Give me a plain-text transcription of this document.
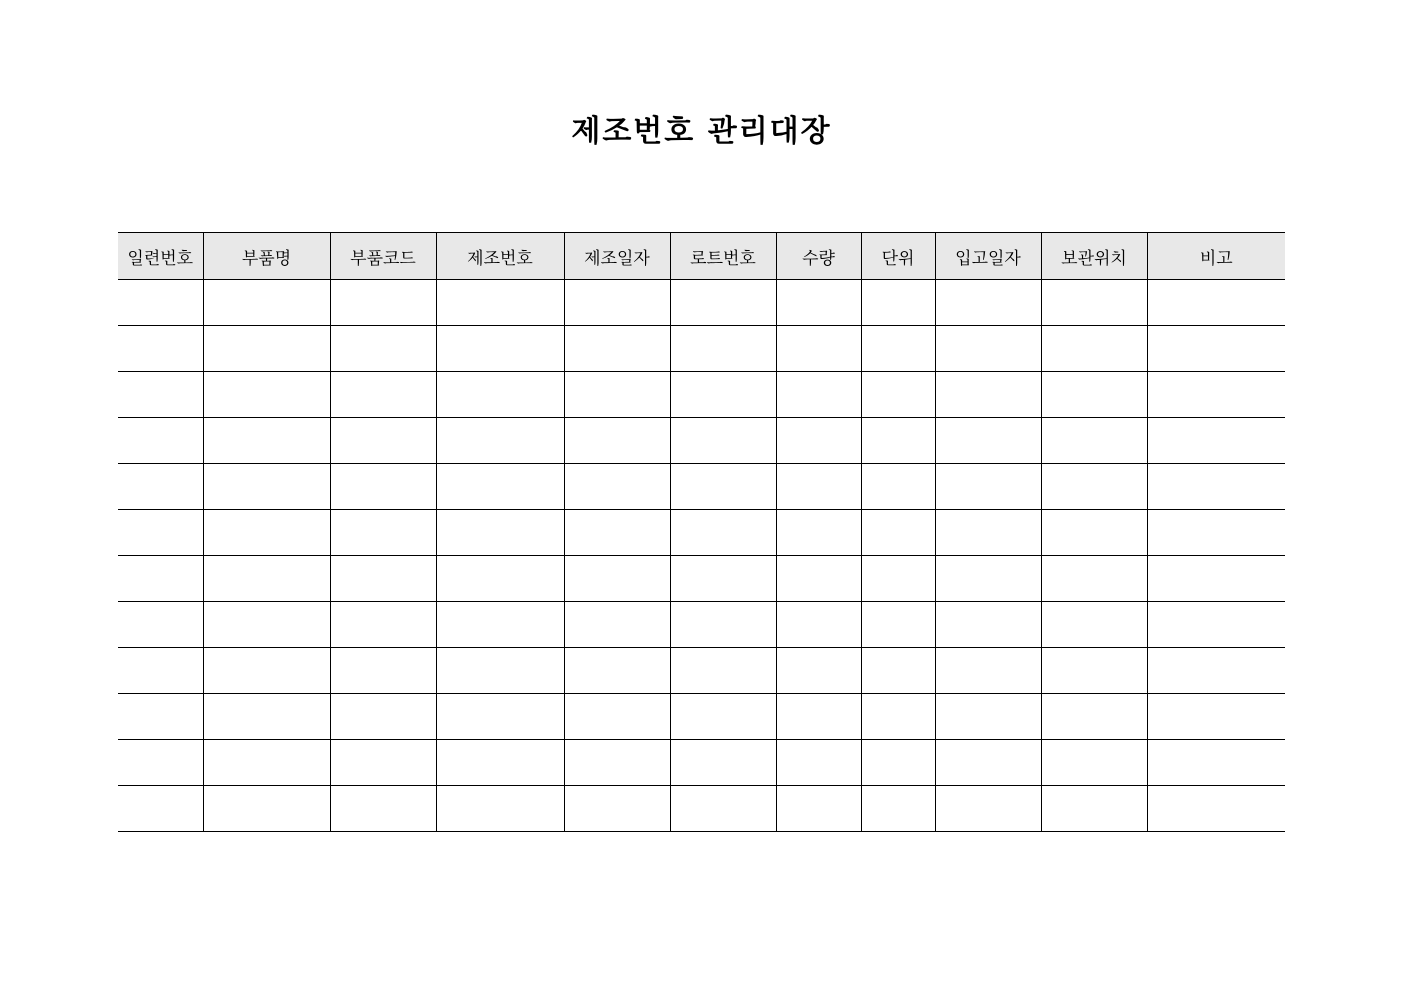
제조번호 관리대장
일련번호	부품명	부품코드	제조번호	제조일자	로트번호	수량	단위	입고일자	보관위치	비고
